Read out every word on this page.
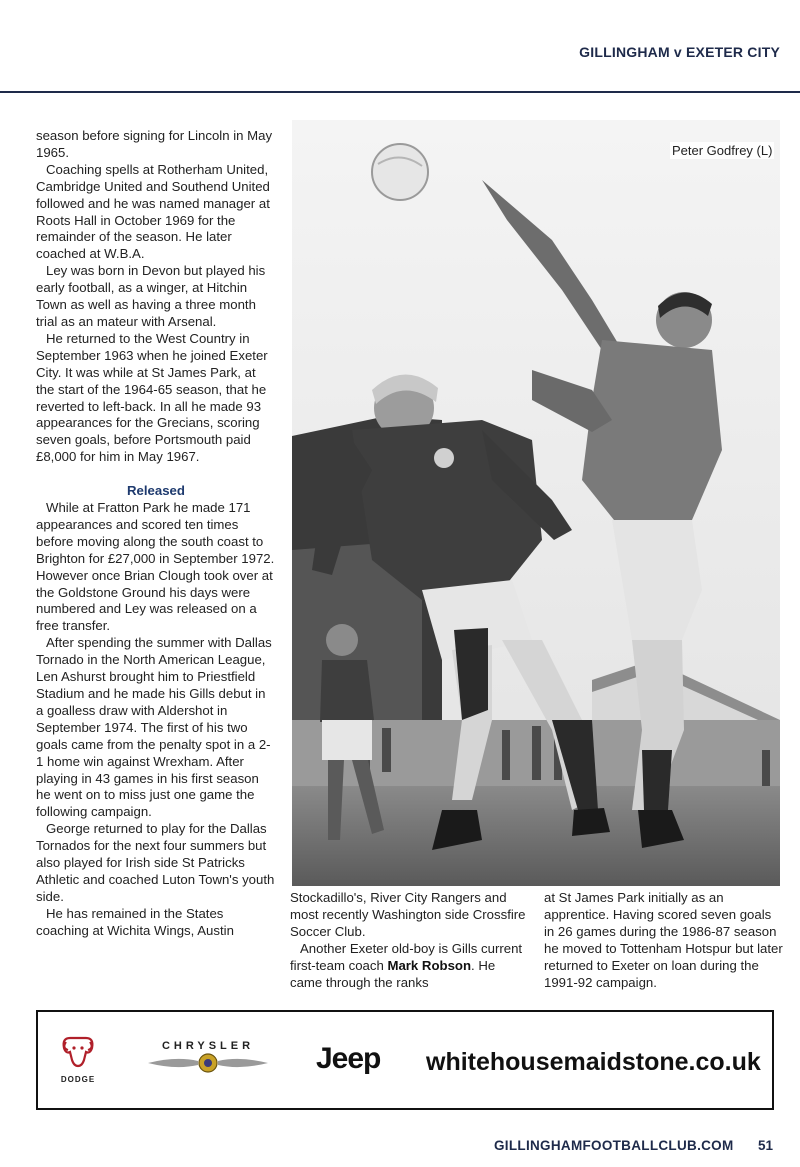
GILLINGHAM v EXETER CITY

season before signing for Lincoln in May 1965.

Coaching spells at Rotherham United, Cambridge United and Southend United followed and he was named manager at Roots Hall in October 1969 for the remainder of the season. He later coached at W.B.A.

Ley was born in Devon but played his early football, as a winger, at Hitchin Town as well as having a three month trial as an mateur with Arsenal.

He returned to the West Country in September 1963 when he joined Exeter City. It was while at St James Park, at the start of the 1964-65 season, that he reverted to left-back. In all he made 93 appearances for the Grecians, scoring seven goals, before Portsmouth paid £8,000 for him in May 1967.

Released

While at Fratton Park he made 171 appearances and scored ten times before moving along the south coast to Brighton for £27,000 in September 1972. However once Brian Clough took over at the Goldstone Ground his days were numbered and Ley was released on a free transfer.

After spending the summer with Dallas Tornado in the North American League, Len Ashurst brought him to Priestfield Stadium and he made his Gills debut in a goalless draw with Aldershot in September 1974. The first of his two goals came from the penalty spot in a 2-1 home win against Wrexham. After playing in 43 games in his first season he went on to miss just one game the following campaign.

George returned to play for the Dallas Tornados for the next four summers but also played for Irish side St Patricks Athletic and coached Luton Town's youth side.

He has remained in the States coaching at Wichita Wings, Austin

Peter Godfrey (L)

Stockadillo's, River City Rangers and most recently Washington side Crossfire Soccer Club.

Another Exeter old-boy is Gills current first-team coach Mark Robson. He came through the ranks

at St James Park initially as an apprentice. Having scored seven goals in 26 games during the 1986-87 season he moved to Tottenham Hotspur but later returned to Exeter on loan during the 1991-92 campaign.

DODGE
CHRYSLER	Jeep whitehousemaidstone.co.uk
GILLINGHAMFOOTBALLCLUB.COM 51
